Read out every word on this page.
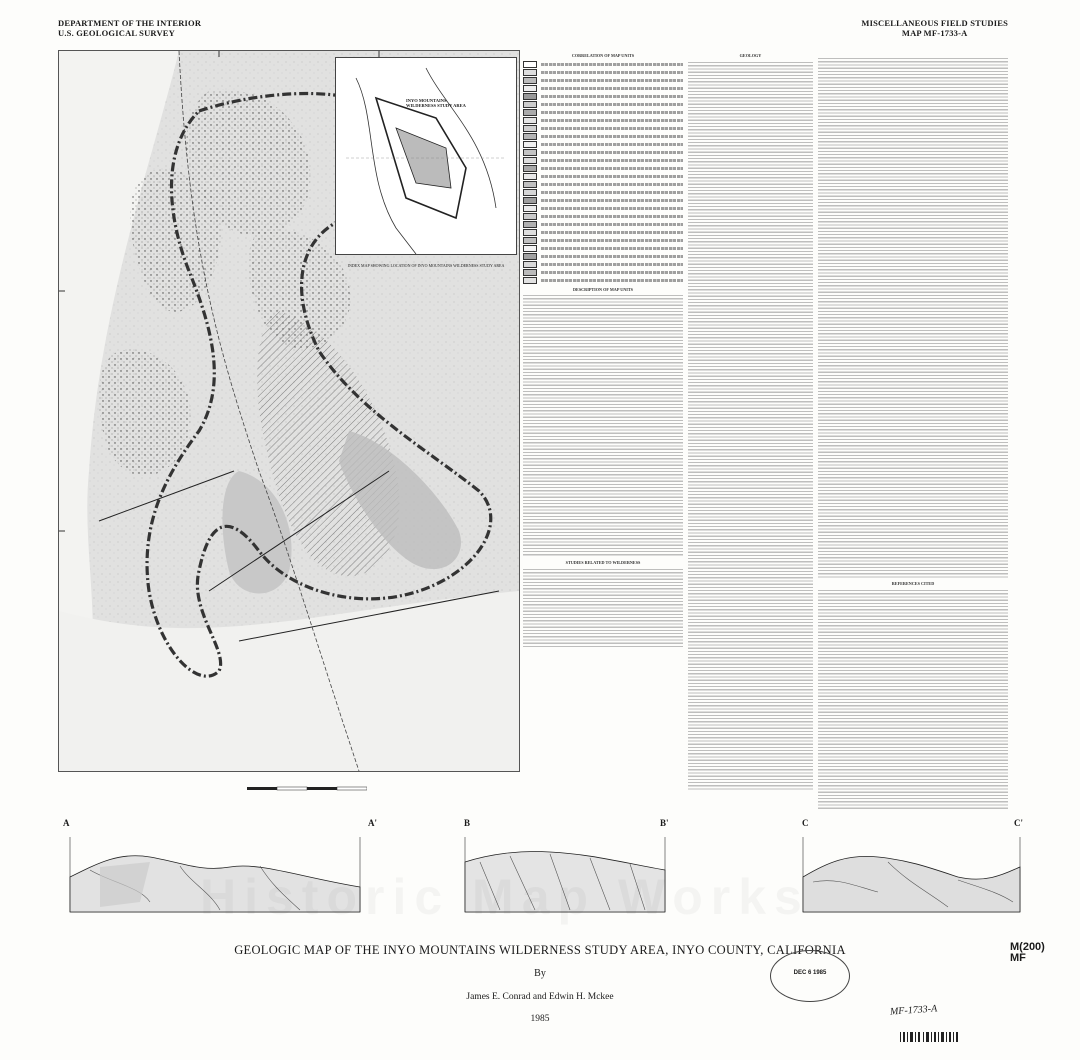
DEPARTMENT OF THE INTERIOR
U.S. GEOLOGICAL SURVEY
MISCELLANEOUS FIELD STUDIES
MAP MF-1733-A
INYO MOUNTAINS WILDERNESS STUDY AREA
INDEX MAP SHOWING LOCATION OF INYO MOUNTAINS WILDERNESS STUDY AREA
CORRELATION OF MAP UNITS
DESCRIPTION OF MAP UNITS
STUDIES RELATED TO WILDERNESS
GEOLOGY
REFERENCES CITED
A	A'	B	B'	C	C'
GEOLOGIC MAP OF THE INYO MOUNTAINS WILDERNESS STUDY AREA, INYO COUNTY, CALIFORNIA
By
James E. Conrad and Edwin H. Mckee
1985
DEC 6 1985
M(200)
MF
MF-1733-A
